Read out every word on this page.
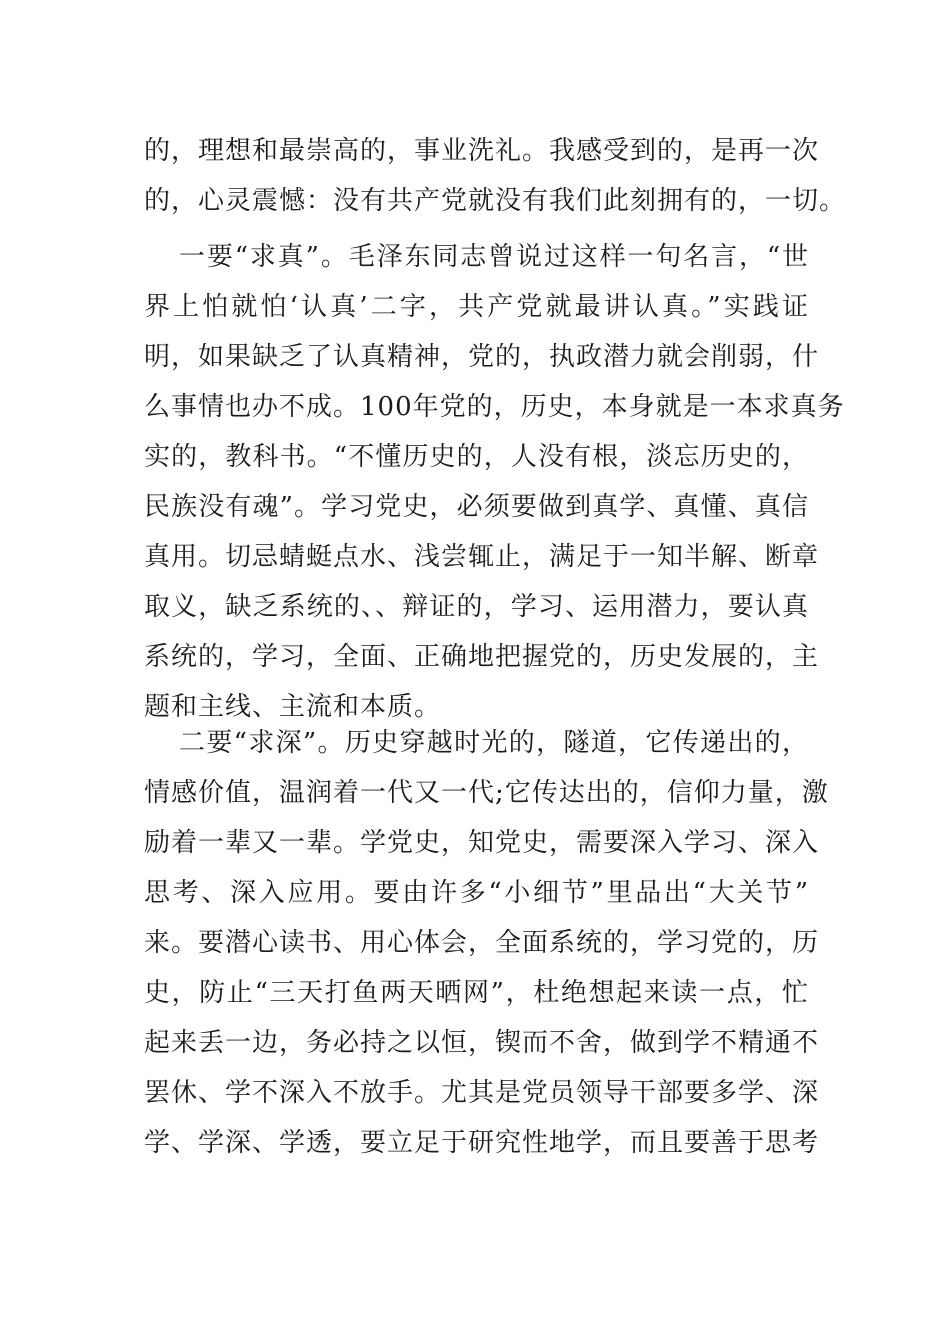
的，理想和最崇高的，事业洗礼。我感受到的，是再一次
的，心灵震憾：没有共产党就没有我们此刻拥有的，一切。
一要“求真”。毛泽东同志曾说过这样一句名言，“世
界上怕就怕‘认真’二字，共产党就最讲认真。”实践证
明，如果缺乏了认真精神，党的，执政潜力就会削弱，什
么事情也办不成。100年党的，历史，本身就是一本求真务
实的，教科书。“不懂历史的，人没有根，淡忘历史的，
民族没有魂”。学习党史，必须要做到真学、真懂、真信
真用。切忌蜻蜓点水、浅尝辄止，满足于一知半解、断章
取义，缺乏系统的、、辩证的，学习、运用潜力，要认真
系统的，学习，全面、正确地把握党的，历史发展的，主
题和主线、主流和本质。
二要“求深”。历史穿越时光的，隧道，它传递出的，
情感价值，温润着一代又一代;它传达出的，信仰力量，激
励着一辈又一辈。学党史，知党史，需要深入学习、深入
思考、深入应用。要由许多“小细节”里品出“大关节”
来。要潜心读书、用心体会，全面系统的，学习党的，历
史，防止“三天打鱼两天晒网”，杜绝想起来读一点，忙
起来丢一边，务必持之以恒，锲而不舍，做到学不精通不
罢休、学不深入不放手。尤其是党员领导干部要多学、深
学、学深、学透，要立足于研究性地学，而且要善于思考
